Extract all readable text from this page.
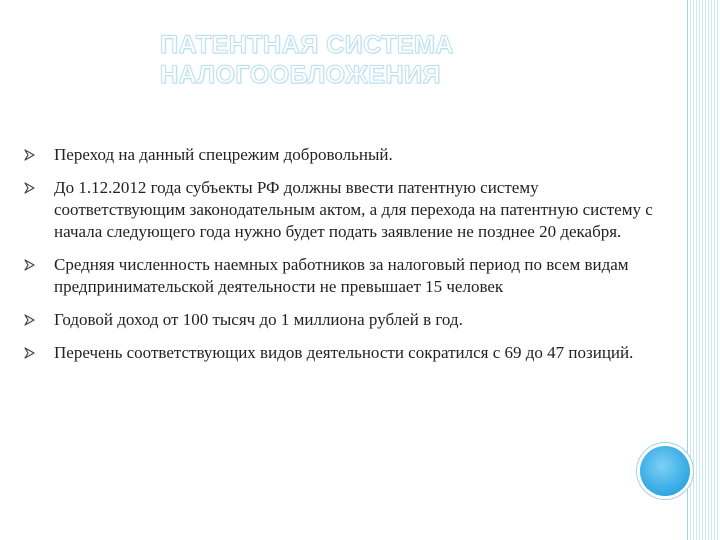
ПАТЕНТНАЯ СИСТЕМА
НАЛОГООБЛОЖЕНИЯ
Переход на данный спецрежим добровольный.
До 1.12.2012 года субъекты РФ должны ввести патентную систему соответствующим законодательным актом, а для перехода на патентную систему с начала следующего года нужно будет подать заявление не позднее 20 декабря.
Средняя численность наемных работников за налоговый период по всем видам предпринимательской деятельности не превышает 15 человек
Годовой доход от 100 тысяч до 1 миллиона рублей в год.
Перечень соответствующих видов деятельности сократился с 69 до 47 позиций.
